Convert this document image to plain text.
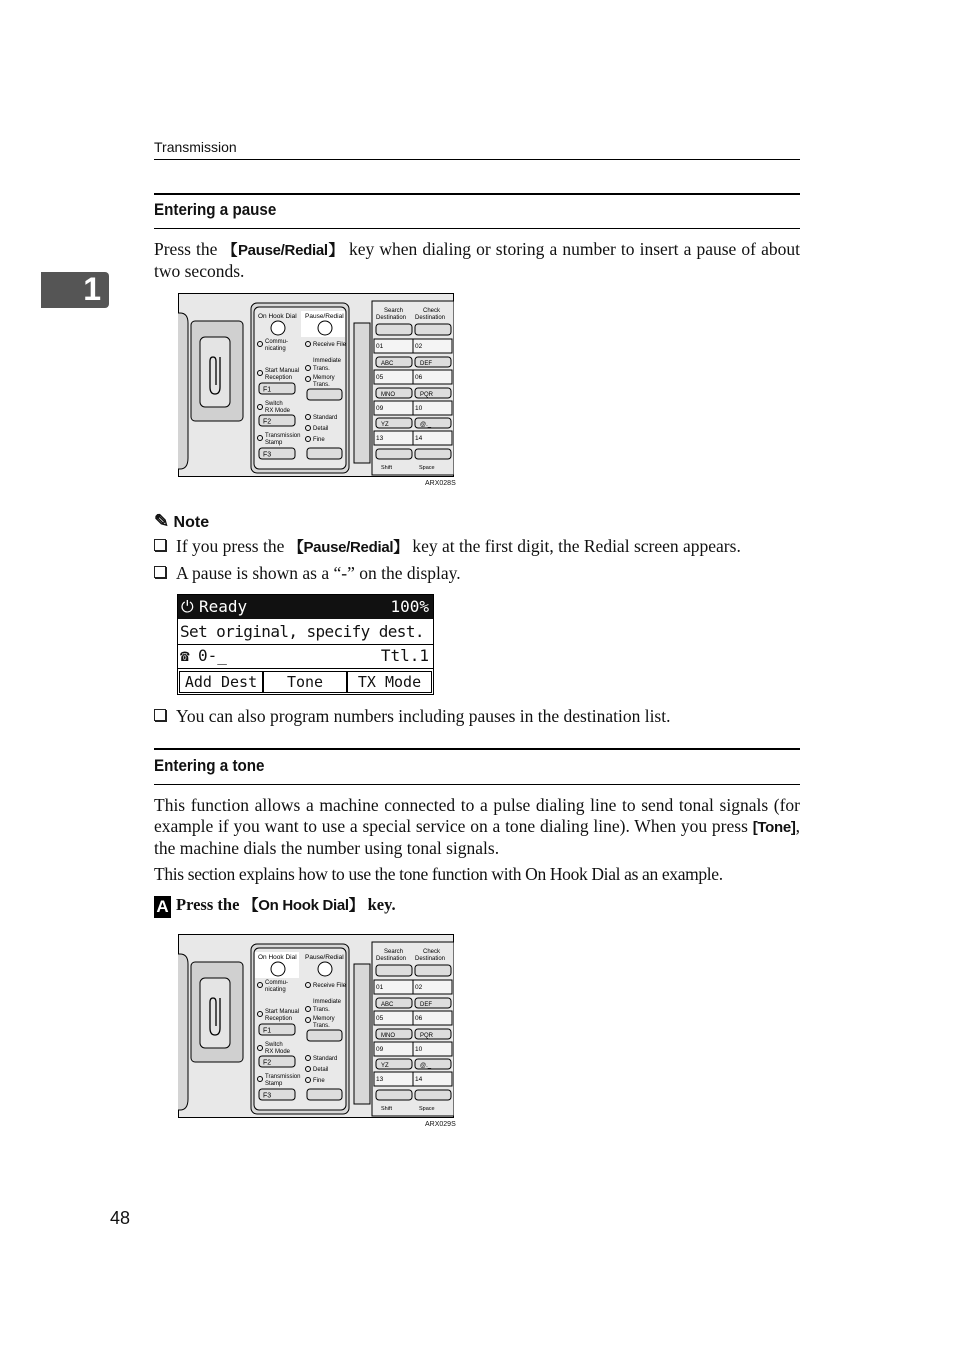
Transmission
1
Entering a pause
Press the 【Pause/Redial】 key when dialing or storing a number to insert a pause of about two seconds.
On Hook Dial Pause/Redial
Commu-
nicating
Receive File
Immediate
Trans.
Memory
Trans.
Start Manual
Reception
F1
Switch
RX Mode
F2
Standard
Detail
Fine
Transmission
Stamp
F3
Search
Destination
Check
Destination
01	02
05	06
09	10
13	14
ABC	DEF
MNO	PQR
YZ	@._
Shift	Space
ARX028S
✎ Note
If you press the 【Pause/Redial】 key at the first digit, the Redial screen appears.
A pause is shown as a “-” on the display.
⏻ Ready	100%
Set original, specify dest.
☎ 0-_	Ttl.1
Add Dest	Tone	TX Mode
You can also program numbers including pauses in the destination list.
Entering a tone
This function allows a machine connected to a pulse dialing line to send tonal signals (for example if you want to use a special service on a tone dialing line). When you press [Tone], the machine dials the number using tonal signals.
This section explains how to use the tone function with On Hook Dial as an example.
A Press the 【On Hook Dial】 key.
On Hook Dial Pause/Redial
Commu-
nicating
Receive File
Immediate
Trans.
Memory
Trans.
Start Manual
Reception
F1
Switch
RX Mode
F2
Standard
Detail
Fine
Transmission
Stamp
F3
Search
Destination
Check
Destination
01	02
05	06
09	10
13	14
ABC	DEF
MNO	PQR
YZ	@._
Shift	Space
ARX029S
48
